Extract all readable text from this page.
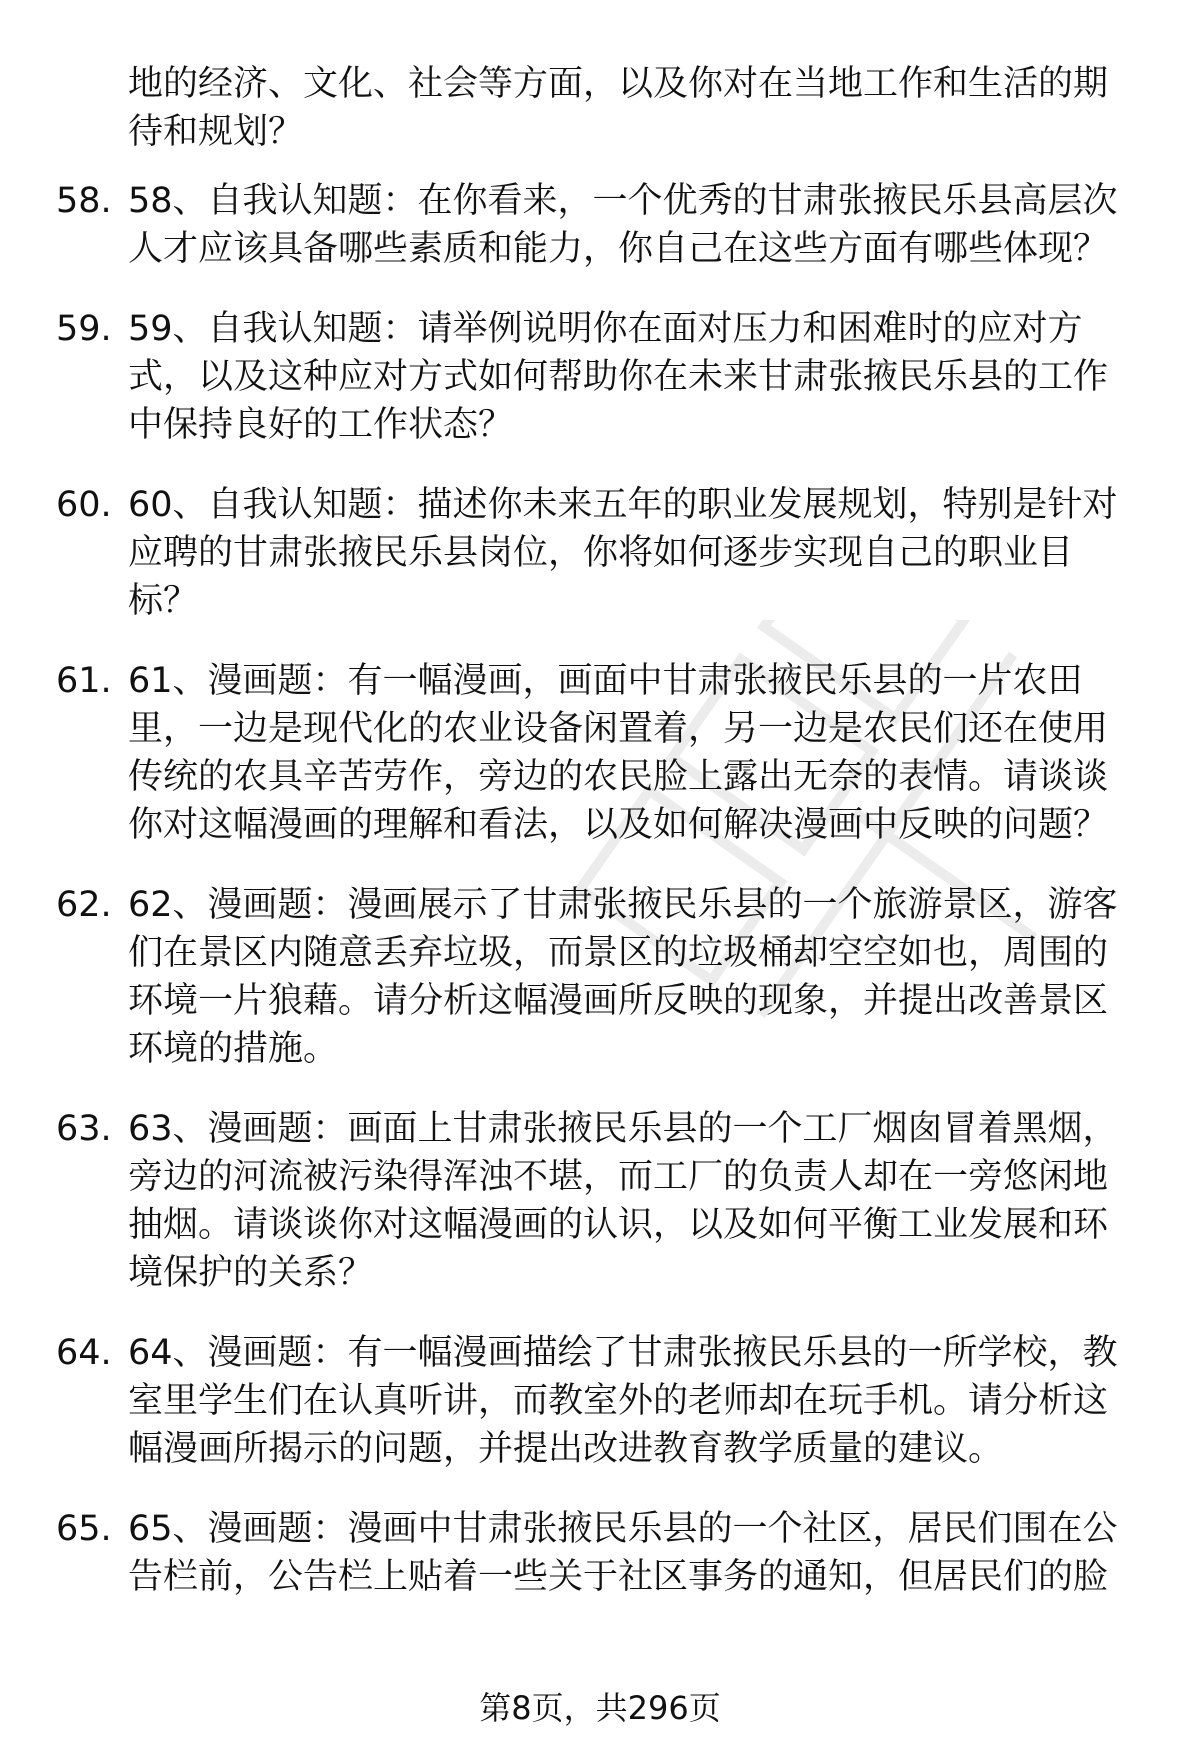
地的经济、文化、社会等方面，以及你对在当地工作和生活的期待和规划？

58. 58、自我认知题：在你看来，一个优秀的甘肃张掖民乐县高层次人才应该具备哪些素质和能力，你自己在这些方面有哪些体现？
59. 59、自我认知题：请举例说明你在面对压力和困难时的应对方式，以及这种应对方式如何帮助你在未来甘肃张掖民乐县的工作中保持良好的工作状态？
60. 60、自我认知题：描述你未来五年的职业发展规划，特别是针对应聘的甘肃张掖民乐县岗位，你将如何逐步实现自己的职业目标？
61. 61、漫画题：有一幅漫画，画面中甘肃张掖民乐县的一片农田里，一边是现代化的农业设备闲置着，另一边是农民们还在使用传统的农具辛苦劳作，旁边的农民脸上露出无奈的表情。请谈谈你对这幅漫画的理解和看法，以及如何解决漫画中反映的问题？
62. 62、漫画题：漫画展示了甘肃张掖民乐县的一个旅游景区，游客们在景区内随意丢弃垃圾，而景区的垃圾桶却空空如也，周围的环境一片狼藉。请分析这幅漫画所反映的现象，并提出改善景区环境的措施。
63. 63、漫画题：画面上甘肃张掖民乐县的一个工厂烟囱冒着黑烟，旁边的河流被污染得浑浊不堪，而工厂的负责人却在一旁悠闲地抽烟。请谈谈你对这幅漫画的认识，以及如何平衡工业发展和环境保护的关系？
64. 64、漫画题：有一幅漫画描绘了甘肃张掖民乐县的一所学校，教室里学生们在认真听讲，而教室外的老师却在玩手机。请分析这幅漫画所揭示的问题，并提出改进教育教学质量的建议。
65. 65、漫画题：漫画中甘肃张掖民乐县的一个社区，居民们围在公告栏前，公告栏上贴着一些关于社区事务的通知，但居民们的脸
第8页，共296页
